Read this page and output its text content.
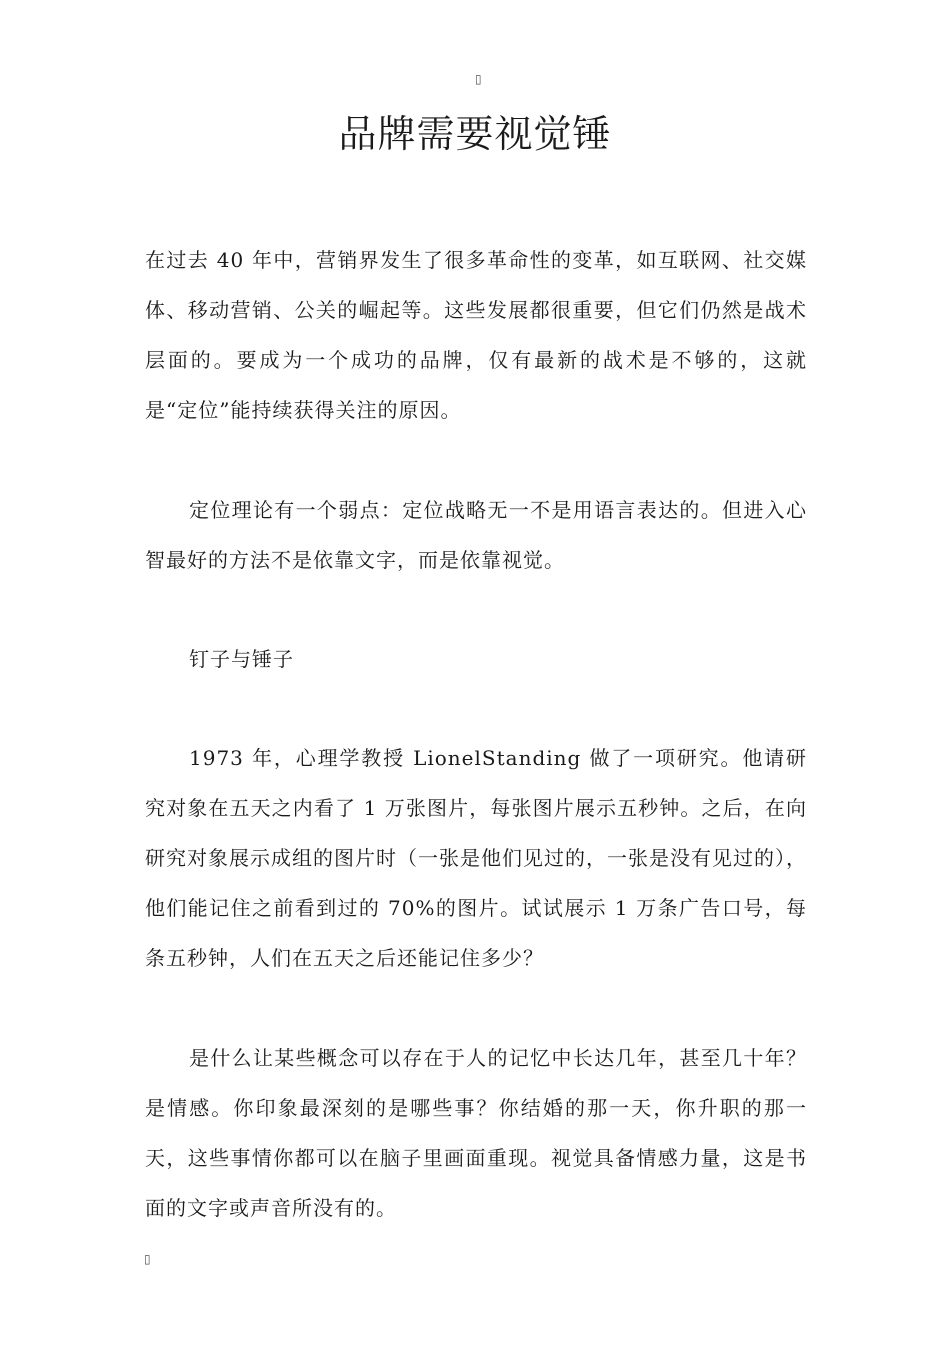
▯
品牌需要视觉锤

在过去 40 年中，营销界发生了很多革命性的变革，如互联网、社交媒体、移动营销、公关的崛起等。这些发展都很重要，但它们仍然是战术层面的。要成为一个成功的品牌，仅有最新的战术是不够的，这就是“定位”能持续获得关注的原因。

定位理论有一个弱点：定位战略无一不是用语言表达的。但进入心智最好的方法不是依靠文字，而是依靠视觉。

钉子与锤子

1973 年，心理学教授 LionelStanding 做了一项研究。他请研究对象在五天之内看了 1 万张图片，每张图片展示五秒钟。之后，在向研究对象展示成组的图片时（一张是他们见过的，一张是没有见过的），他们能记住之前看到过的 70%的图片。试试展示 1 万条广告口号，每条五秒钟，人们在五天之后还能记住多少？

是什么让某些概念可以存在于人的记忆中长达几年，甚至几十年？是情感。你印象最深刻的是哪些事？你结婚的那一天，你升职的那一天，这些事情你都可以在脑子里画面重现。视觉具备情感力量，这是书面的文字或声音所没有的。

▯
